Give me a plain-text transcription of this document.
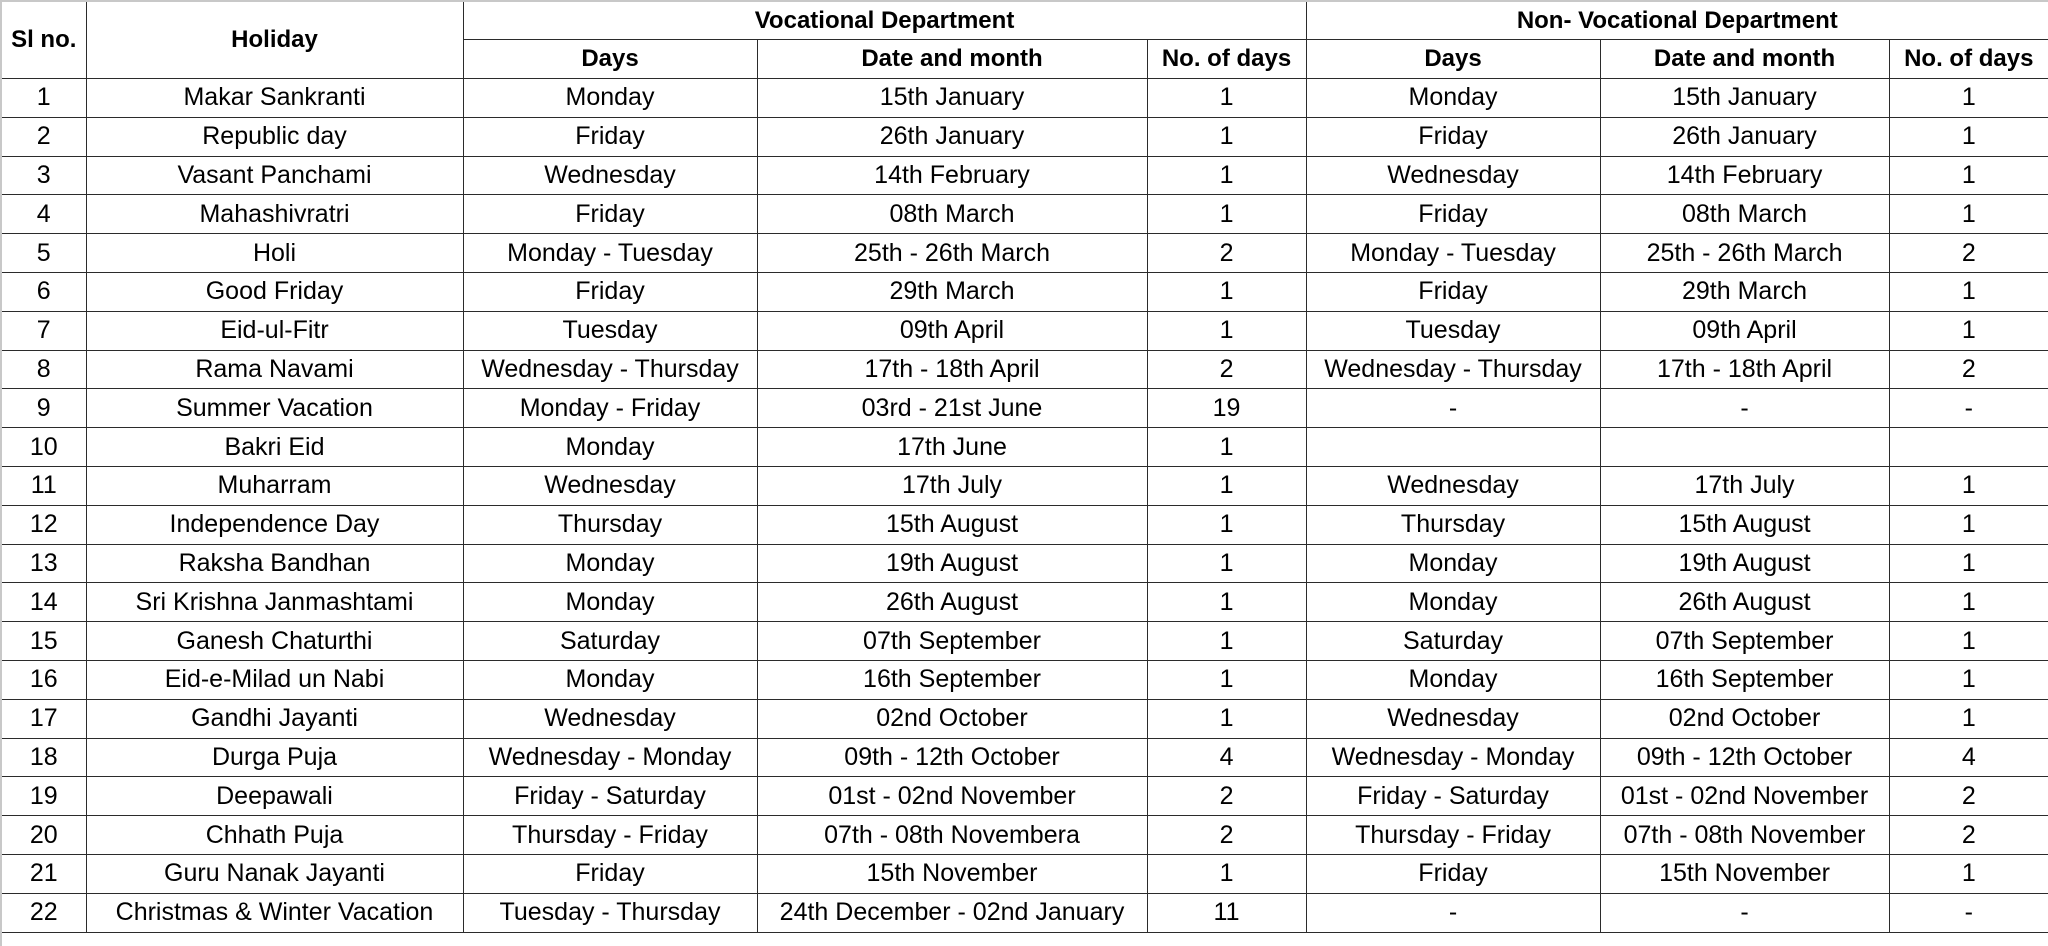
Sl no.	Holiday	Vocational Department			Non- Vocational Department		
		Days	Date and month	No. of days	Days	Date and month	No. of days
1	Makar Sankranti	Monday	15th January	1	Monday	15th January	1
2	Republic day	Friday	26th January	1	Friday	26th January	1
3	Vasant Panchami	Wednesday	14th February	1	Wednesday	14th February	1
4	Mahashivratri	Friday	08th March	1	Friday	08th March	1
5	Holi	Monday - Tuesday	25th - 26th March	2	Monday - Tuesday	25th - 26th March	2
6	Good Friday	Friday	29th March	1	Friday	29th March	1
7	Eid-ul-Fitr	Tuesday	09th April	1	Tuesday	09th April	1
8	Rama Navami	Wednesday - Thursday	17th - 18th April	2	Wednesday - Thursday	17th - 18th April	2
9	Summer Vacation	Monday - Friday	03rd - 21st June	19	-	-	-
10	Bakri Eid	Monday	17th June	1			
11	Muharram	Wednesday	17th July	1	Wednesday	17th July	1
12	Independence Day	Thursday	15th August	1	Thursday	15th August	1
13	Raksha Bandhan	Monday	19th August	1	Monday	19th August	1
14	Sri Krishna Janmashtami	Monday	26th August	1	Monday	26th August	1
15	Ganesh Chaturthi	Saturday	07th September	1	Saturday	07th September	1
16	Eid-e-Milad un Nabi	Monday	16th September	1	Monday	16th September	1
17	Gandhi Jayanti	Wednesday	02nd October	1	Wednesday	02nd October	1
18	Durga Puja	Wednesday - Monday	09th - 12th October	4	Wednesday - Monday	09th - 12th October	4
19	Deepawali	Friday - Saturday	01st - 02nd November	2	Friday - Saturday	01st - 02nd November	2
20	Chhath Puja	Thursday - Friday	07th - 08th Novembera	2	Thursday - Friday	07th - 08th November	2
21	Guru Nanak Jayanti	Friday	15th November	1	Friday	15th November	1
22	Christmas & Winter Vacation	Tuesday - Thursday	24th December - 02nd January	11	-	-	-
